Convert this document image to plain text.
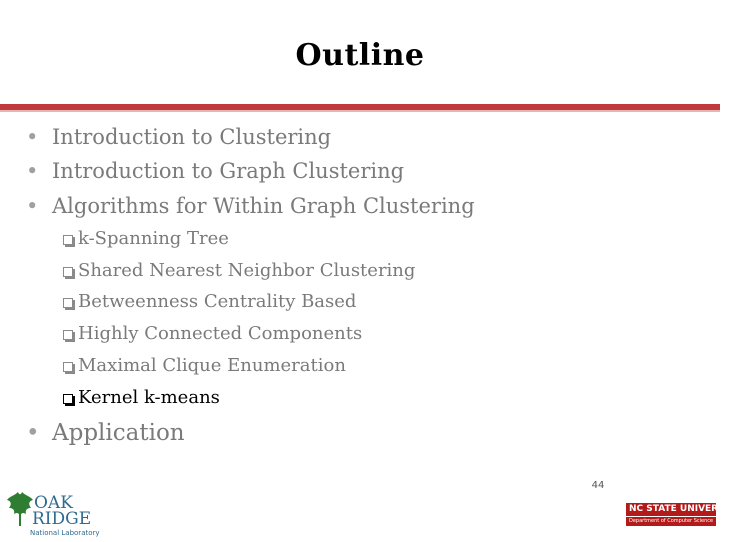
Outline
• Introduction to Clustering
• Introduction to Graph Clustering
• Algorithms for Within Graph Clustering
k-Spanning Tree
Shared Nearest Neighbor Clustering
Betweenness Centrality Based
Highly Connected Components
Maximal Clique Enumeration
Kernel k-means
• Application
OAK
RIDGE
National Laboratory
44
NC STATE UNIVERSITY
Department of Computer Science
